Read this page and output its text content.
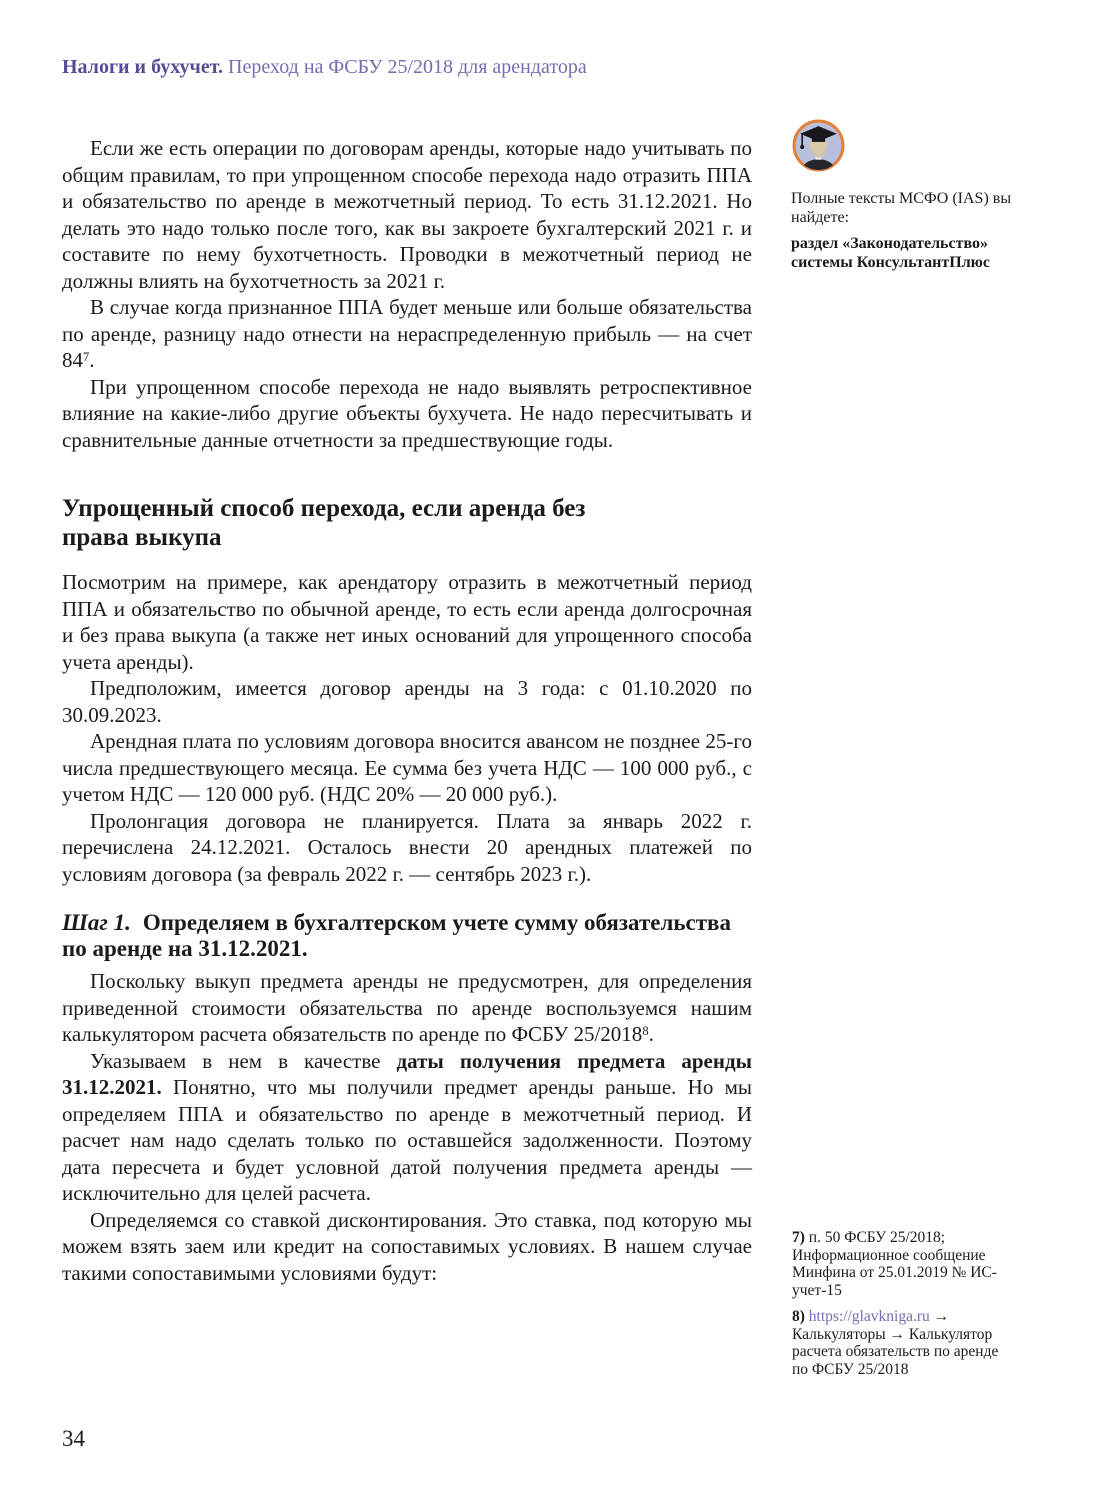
Налоги и бухучет. Переход на ФСБУ 25/2018 для арендатора

Полные тексты МСФО (IAS) вы найдете:

раздел «Законодательство» системы КонсультантПлюс

Если же есть операции по договорам аренды, которые надо учитывать по общим правилам, то при упрощенном способе перехода надо отразить ППА и обязательство по аренде в межотчетный период. То есть 31.12.2021. Но делать это надо только после того, как вы закроете бухгалтерский 2021 г. и составите по нему бухотчетность. Проводки в межотчетный период не должны влиять на бухотчетность за 2021 г.

В случае когда признанное ППА будет меньше или больше обязательства по аренде, разницу надо отнести на нераспределенную прибыль — на счет 84$^7$.

При упрощенном способе перехода не надо выявлять ретроспективное влияние на какие-либо другие объекты бухучета. Не надо пересчитывать и сравнительные данные отчетности за предшествующие годы.

Упрощенный способ перехода, если аренда без права выкупа

Посмотрим на примере, как арендатору отразить в межотчетный период ППА и обязательство по обычной аренде, то есть если аренда долгосрочная и без права выкупа (а также нет иных оснований для упрощенного способа учета аренды).

Предположим, имеется договор аренды на 3 года: с 01.10.2020 по 30.09.2023.

Арендная плата по условиям договора вносится авансом не позднее 25-го числа предшествующего месяца. Ее сумма без учета НДС — 100 000 руб., с учетом НДС — 120 000 руб. (НДС 20% — 20 000 руб.).

Пролонгация договора не планируется. Плата за январь 2022 г. перечислена 24.12.2021. Осталось внести 20 арендных платежей по условиям договора (за февраль 2022 г. — сентябрь 2023 г.).

Шаг 1. Определяем в бухгалтерском учете сумму обязательства по аренде на 31.12.2021.

Поскольку выкуп предмета аренды не предусмотрен, для определения приведенной стоимости обязательства по аренде воспользуемся нашим калькулятором расчета обязательств по аренде по ФСБУ 25/2018$^8$.

Указываем в нем в качестве даты получения предмета аренды 31.12.2021. Понятно, что мы получили предмет аренды раньше. Но мы определяем ППА и обязательство по аренде в межотчетный период. И расчет нам надо сделать только по оставшейся задолженности. Поэтому дата пересчета и будет условной датой получения предмета аренды — исключительно для целей расчета.

Определяемся со ставкой дисконтирования. Это ставка, под которую мы можем взять заем или кредит на сопоставимых условиях. В нашем случае такими сопоставимыми условиями будут:

7) п. 50 ФСБУ 25/2018; Информационное сообщение Минфина от 25.01.2019 № ИС-учет-15

8) https://glavkniga.ru → Калькуляторы → Калькулятор расчета обязательств по аренде по ФСБУ 25/2018

34
